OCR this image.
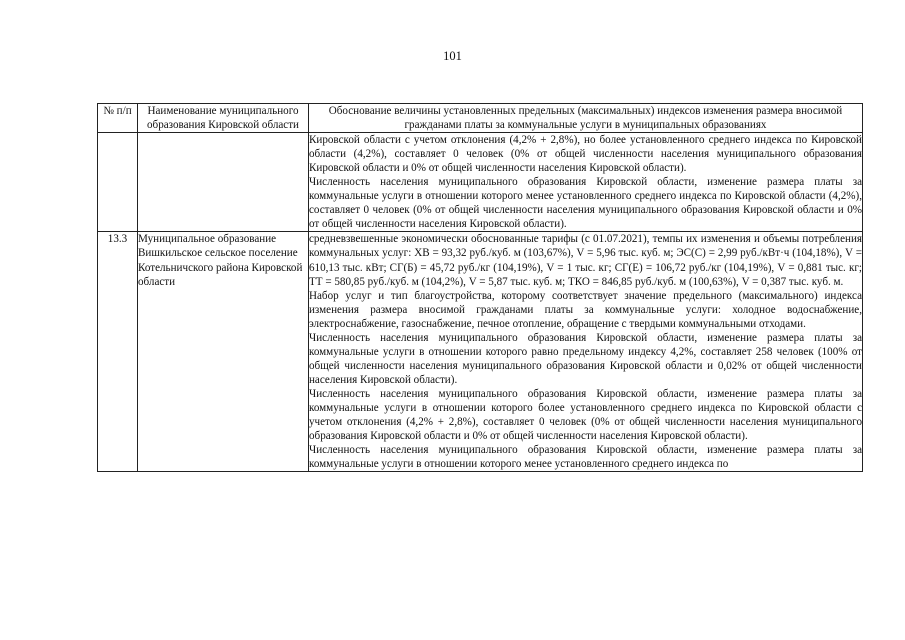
101
№ п/п	Наименование муниципального образования Кировской области	Обоснование величины установленных предельных (максимальных) индексов изменения размера вносимой гражданами платы за коммунальные услуги в муниципальных образованиях

		Кировской области с учетом отклонения (4,2% + 2,8%), но более установленного среднего индекса по Кировской области (4,2%), составляет 0 человек (0% от общей численности населения муниципального образования Кировской области и 0% от общей численности населения Кировской области).

Численность населения муниципального образования Кировской области, изменение размера платы за коммунальные услуги в отношении которого менее установленного среднего индекса по Кировской области (4,2%), составляет 0 человек (0% от общей численности населения муниципального образования Кировской области и 0% от общей численности населения Кировской области).

13.3	Муниципальное образование Вишкильское сельское поселение Котельничского района Кировской области	средневзвешенные экономически обоснованные тарифы (с 01.07.2021), темпы их изменения и объемы потребления коммунальных услуг: ХВ = 93,32 руб./куб. м (103,67%), V = 5,96 тыс. куб. м; ЭС(С) = 2,99 руб./кВт·ч (104,18%), V = 610,13 тыс. кВт; СГ(Б) = 45,72 руб./кг (104,19%), V = 1 тыс. кг; СГ(Е) = 106,72 руб./кг (104,19%), V = 0,881 тыс. кг; ТТ = 580,85 руб./куб. м (104,2%), V = 5,87 тыс. куб. м; ТКО = 846,85 руб./куб. м (100,63%), V = 0,387 тыс. куб. м.

Набор услуг и тип благоустройства, которому соответствует значение предельного (максимального) индекса изменения размера вносимой гражданами платы за коммунальные услуги: холодное водоснабжение, электроснабжение, газоснабжение, печное отопление, обращение с твердыми коммунальными отходами.

Численность населения муниципального образования Кировской области, изменение размера платы за коммунальные услуги в отношении которого равно предельному индексу 4,2%, составляет 258 человек (100% от общей численности населения муниципального образования Кировской области и 0,02% от общей численности населения Кировской области).

Численность населения муниципального образования Кировской области, изменение размера платы за коммунальные услуги в отношении которого более установленного среднего индекса по Кировской области с учетом отклонения (4,2% + 2,8%), составляет 0 человек (0% от общей численности населения муниципального образования Кировской области и 0% от общей численности населения Кировской области).

Численность населения муниципального образования Кировской области, изменение размера платы за коммунальные услуги в отношении которого менее установленного среднего индекса по
